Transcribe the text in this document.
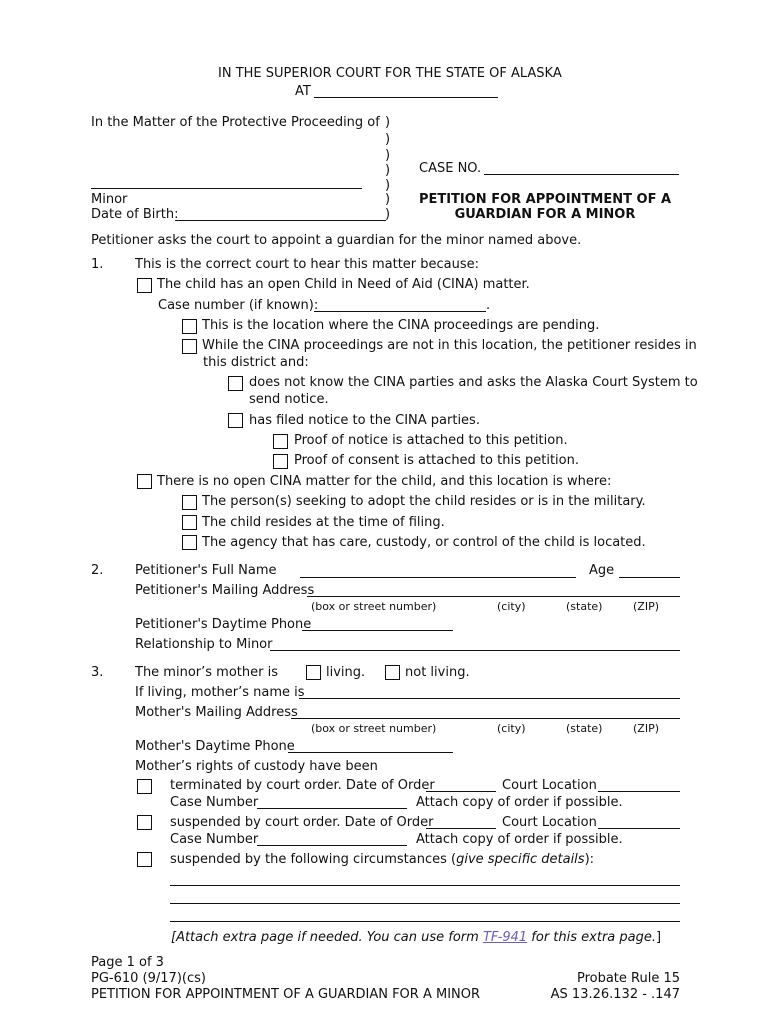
IN THE SUPERIOR COURT FOR THE STATE OF ALASKA
AT
In the Matter of the Protective Proceeding of )
)
)
)
)
)
)
Minor
Date of Birth:
CASE NO.
PETITION FOR APPOINTMENT OF A
GUARDIAN FOR A MINOR
Petitioner asks the court to appoint a guardian for the minor named above.
1. This is the correct court to hear this matter because:
The child has an open Child in Need of Aid (CINA) matter.
Case number (if known):	.
This is the location where the CINA proceedings are pending.
While the CINA proceedings are not in this location, the petitioner resides in
this district and:
does not know the CINA parties and asks the Alaska Court System to
send notice.
has filed notice to the CINA parties.
Proof of notice is attached to this petition.
Proof of consent is attached to this petition.
There is no open CINA matter for the child, and this location is where:
The person(s) seeking to adopt the child resides or is in the military.
The child resides at the time of filing.
The agency that has care, custody, or control of the child is located.
2. Petitioner's Full Name	Age
Petitioner's Mailing Address
(box or street number)	(city)	(state)	(ZIP)
Petitioner's Daytime Phone
Relationship to Minor
3. The minor’s mother is	living.	not living.
If living, mother’s name is
Mother's Mailing Address
(box or street number)	(city)	(state)	(ZIP)
Mother's Daytime Phone
Mother’s rights of custody have been
terminated by court order. Date of Order	Court Location
Case Number	Attach copy of order if possible.
suspended by court order. Date of Order	Court Location
Case Number	Attach copy of order if possible.
suspended by the following circumstances (give specific details):
[Attach extra page if needed. You can use form TF-941 for this extra page.]
Page 1 of 3
PG-610 (9/17)(cs)
PETITION FOR APPOINTMENT OF A GUARDIAN FOR A MINOR
Probate Rule 15
AS 13.26.132 - .147
